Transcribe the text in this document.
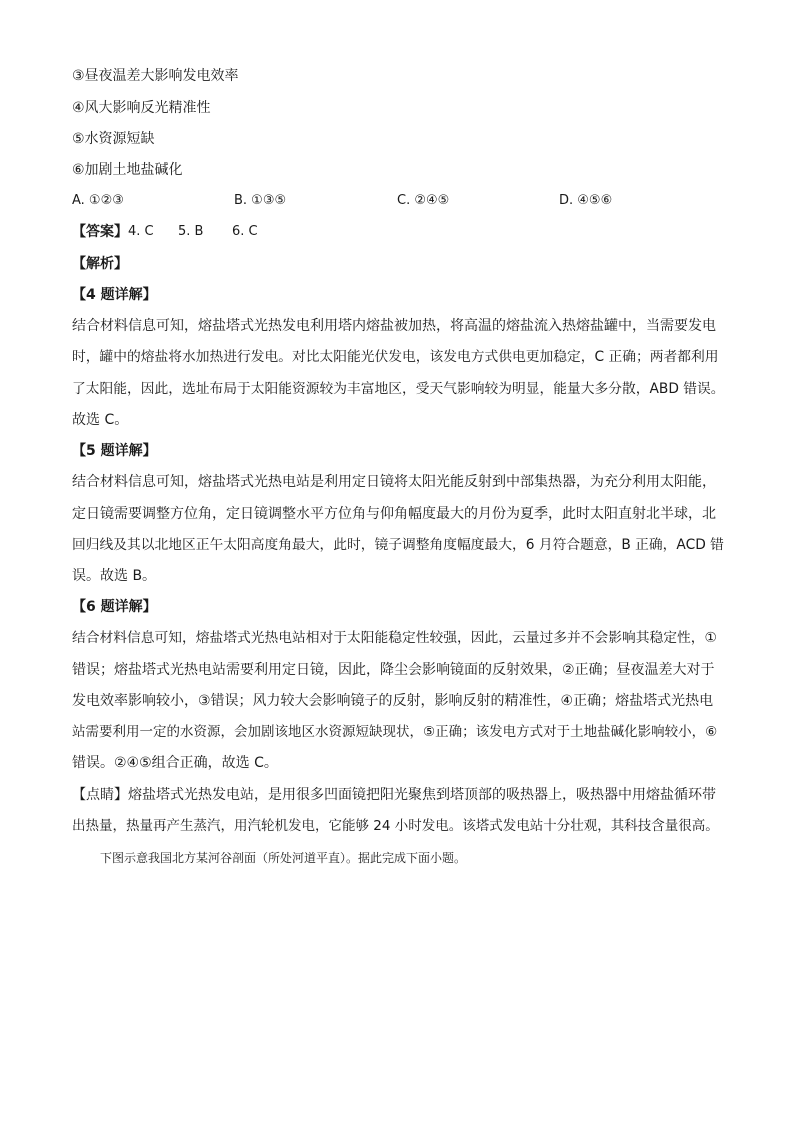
③昼夜温差大影响发电效率
④风大影响反光精准性
⑤水资源短缺
⑥加剧土地盐碱化
A. ①②③	B. ①③⑤	C. ②④⑤	D. ④⑤⑥
【答案】 4. C 5. B 6. C
【解析】
【4 题详解】
结合材料信息可知，熔盐塔式光热发电利用塔内熔盐被加热，将高温的熔盐流入热熔盐罐中，当需要发电
时，罐中的熔盐将水加热进行发电。对比太阳能光伏发电，该发电方式供电更加稳定，C 正确；两者都利用
了太阳能，因此，选址布局于太阳能资源较为丰富地区，受天气影响较为明显，能量大多分散，ABD 错误。
故选 C。
【5 题详解】
结合材料信息可知，熔盐塔式光热电站是利用定日镜将太阳光能反射到中部集热器，为充分利用太阳能，
定日镜需要调整方位角，定日镜调整水平方位角与仰角幅度最大的月份为夏季，此时太阳直射北半球，北
回归线及其以北地区正午太阳高度角最大，此时，镜子调整角度幅度最大，6 月符合题意，B 正确，ACD 错
误。故选 B。
【6 题详解】
结合材料信息可知，熔盐塔式光热电站相对于太阳能稳定性较强，因此，云量过多并不会影响其稳定性，①
错误；熔盐塔式光热电站需要利用定日镜，因此，降尘会影响镜面的反射效果，②正确；昼夜温差大对于
发电效率影响较小，③错误；风力较大会影响镜子的反射，影响反射的精准性，④正确；熔盐塔式光热电
站需要利用一定的水资源，会加剧该地区水资源短缺现状，⑤正确；该发电方式对于土地盐碱化影响较小，⑥
错误。②④⑤组合正确，故选 C。
【点睛】熔盐塔式光热发电站，是用很多凹面镜把阳光聚焦到塔顶部的吸热器上，吸热器中用熔盐循环带
出热量，热量再产生蒸汽，用汽轮机发电，它能够 24 小时发电。该塔式发电站十分壮观，其科技含量很高。
下图示意我国北方某河谷剖面（所处河道平直）。据此完成下面小题。
